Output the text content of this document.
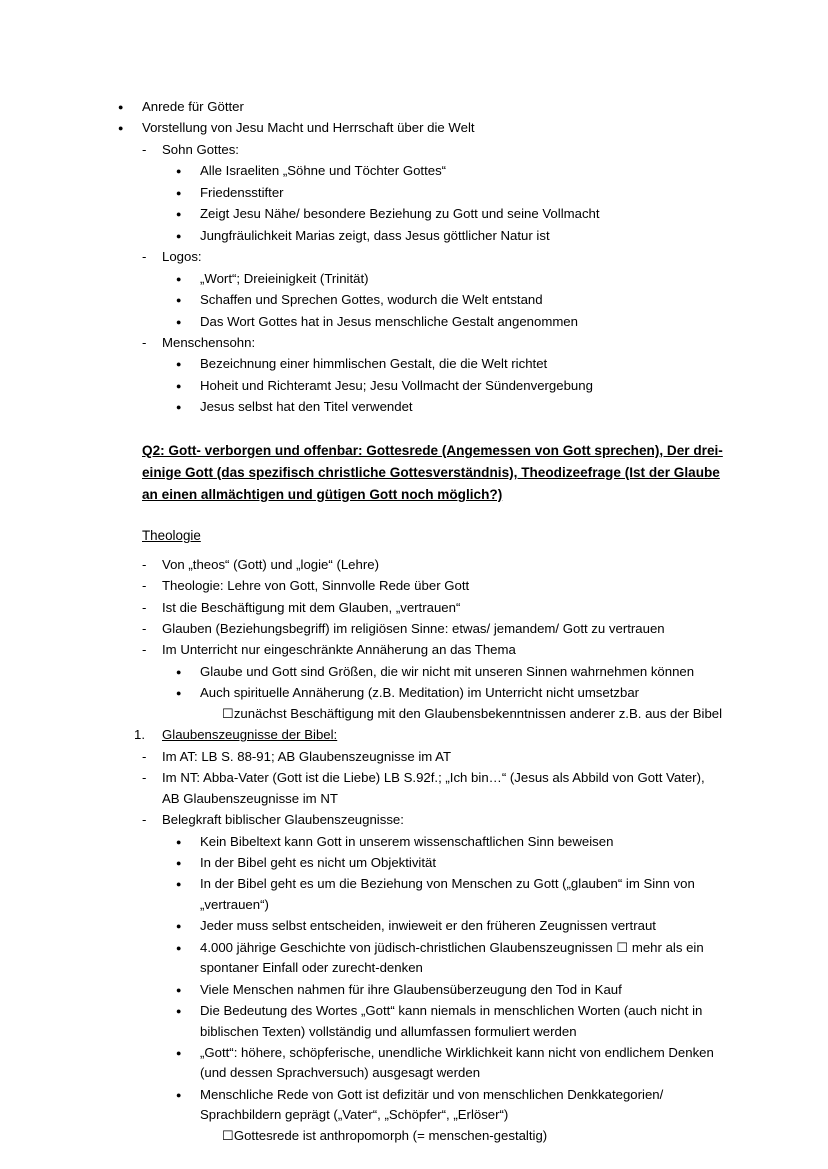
● Anrede für Götter
● Vorstellung von Jesu Macht und Herrschaft über die Welt
- Sohn Gottes:
● Alle Israeliten „Söhne und Töchter Gottes“
● Friedensstifter
● Zeigt Jesu Nähe/ besondere Beziehung zu Gott und seine Vollmacht
● Jungfräulichkeit Marias zeigt, dass Jesus göttlicher Natur ist
- Logos:
● „Wort“; Dreieinigkeit (Trinität)
● Schaffen und Sprechen Gottes, wodurch die Welt entstand
● Das Wort Gottes hat in Jesus menschliche Gestalt angenommen
- Menschensohn:
● Bezeichnung einer himmlischen Gestalt, die die Welt richtet
● Hoheit und Richteramt Jesu; Jesu Vollmacht der Sündenvergebung
● Jesus selbst hat den Titel verwendet
Q2: Gott- verborgen und offenbar: Gottesrede (Angemessen von Gott sprechen), Der drei-einige Gott (das spezifisch christliche Gottesverständnis), Theodizeefrage (Ist der Glaube an einen allmächtigen und gütigen Gott noch möglich?)
Theologie
- Von „theos“ (Gott) und „logie“ (Lehre)
- Theologie: Lehre von Gott, Sinnvolle Rede über Gott
- Ist die Beschäftigung mit dem Glauben, „vertrauen“
- Glauben (Beziehungsbegriff) im religiösen Sinne: etwas/ jemandem/ Gott zu vertrauen
- Im Unterricht nur eingeschränkte Annäherung an das Thema
● Glaube und Gott sind Größen, die wir nicht mit unseren Sinnen wahrnehmen können
● Auch spirituelle Annäherung (z.B. Meditation) im Unterricht nicht umsetzbar
☐zunächst Beschäftigung mit den Glaubensbekenntnissen anderer z.B. aus der Bibel
1. Glaubenszeugnisse der Bibel:
- Im AT: LB S. 88-91; AB Glaubenszeugnisse im AT
- Im NT: Abba-Vater (Gott ist die Liebe) LB S.92f.; „Ich bin…“ (Jesus als Abbild von Gott Vater), AB Glaubenszeugnisse im NT
- Belegkraft biblischer Glaubenszeugnisse:
● Kein Bibeltext kann Gott in unserem wissenschaftlichen Sinn beweisen
● In der Bibel geht es nicht um Objektivität
● In der Bibel geht es um die Beziehung von Menschen zu Gott („glauben“ im Sinn von „vertrauen“)
● Jeder muss selbst entscheiden, inwieweit er den früheren Zeugnissen vertraut
● 4.000 jährige Geschichte von jüdisch-christlichen Glaubenszeugnissen ☐ mehr als ein spontaner Einfall oder zurecht-denken
● Viele Menschen nahmen für ihre Glaubensüberzeugung den Tod in Kauf
● Die Bedeutung des Wortes „Gott“ kann niemals in menschlichen Worten (auch nicht in biblischen Texten) vollständig und allumfassen formuliert werden
● „Gott“: höhere, schöpferische, unendliche Wirklichkeit kann nicht von endlichem Denken (und dessen Sprachversuch) ausgesagt werden
● Menschliche Rede von Gott ist defizitär und von menschlichen Denkkategorien/ Sprachbildern geprägt („Vater“, „Schöpfer“, „Erlöser“)
☐Gottesrede ist anthropomorph (= menschen-gestaltig)
